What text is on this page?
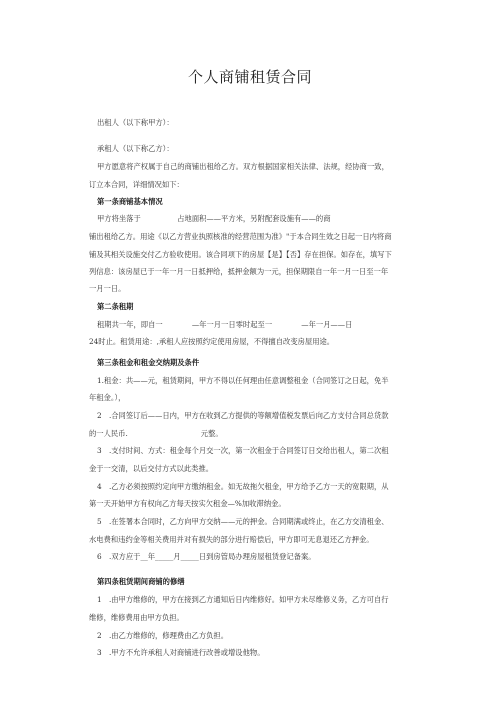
个人商铺租赁合同
出租人（以下称甲方）：
承租人（以下称乙方）：
甲方愿意将产权属于自己的商铺出租给乙方。双方根据国家相关法律、法规，经协商一致，
订立本合同，详细情况如下：
第一条商铺基本情况
甲方将坐落于　　　　　占地面积——平方米，另附配套设施有——的商
铺出租给乙方。用途《以乙方营业执照核准的经营范围为准》"于本合同生效之日起一日内将商
铺及其相关设施交付乙方验收使用。该合同项下的房屋【是】【否】存在担保。如存在，填写下
列信息：该房屋已于一年一月一日抵押给，抵押金额为一元，担保期限自一年一月一日至一年
一月一日。
第二条租期
租期共一年，即自一　　　　—年一月一日零时起至一　　　　—年一月——日
24时止。租赁用途：,承租人应按照约定使用房屋，不得擅自改变房屋用途。
第三条租金和租金交纳期及条件
1.租金：共——元，租赁期间，甲方不得以任何理由任意调整租金（合同签订之日起，免半
年租金。），
2　.合同签订后——日内，甲方在收到乙方提供的等额增值税发票后向乙方支付合同总货款
的一人民币.　　　　　　　　　　元整。
3　.支付时间、方式：租金每个月交一次，第一次租金于合同签订日交给出租人，第二次租
金于一交清，以后交付方式以此类推。
4　.乙方必须按照约定向甲方缴纳租金。如无故拖欠租金，甲方给予乙方一天的宽限期，从
第一天开始甲方有权向乙方每天按实欠租金—%加收滞纳金。
5　.在签署本合同时，乙方向甲方交纳——元的押金。合同期满或终止，在乙方交清租金、
水电费和违约金等相关费用并对有损失的部分进行赔偿后，甲方即可无息退还乙方押金。
6　.双方应于__年_____月_____日到房管局办理房屋租赁登记备案。
第四条租赁期间商铺的修缮
1　.由甲方维修的，甲方在接到乙方通知后日内维修好。如甲方未尽维修义务，乙方可自行
维修，维修费用由甲方负担。
2　.由乙方维修的，修理费由乙方负担。
3　.甲方不允许承租人对商铺进行改善或增设他物。
